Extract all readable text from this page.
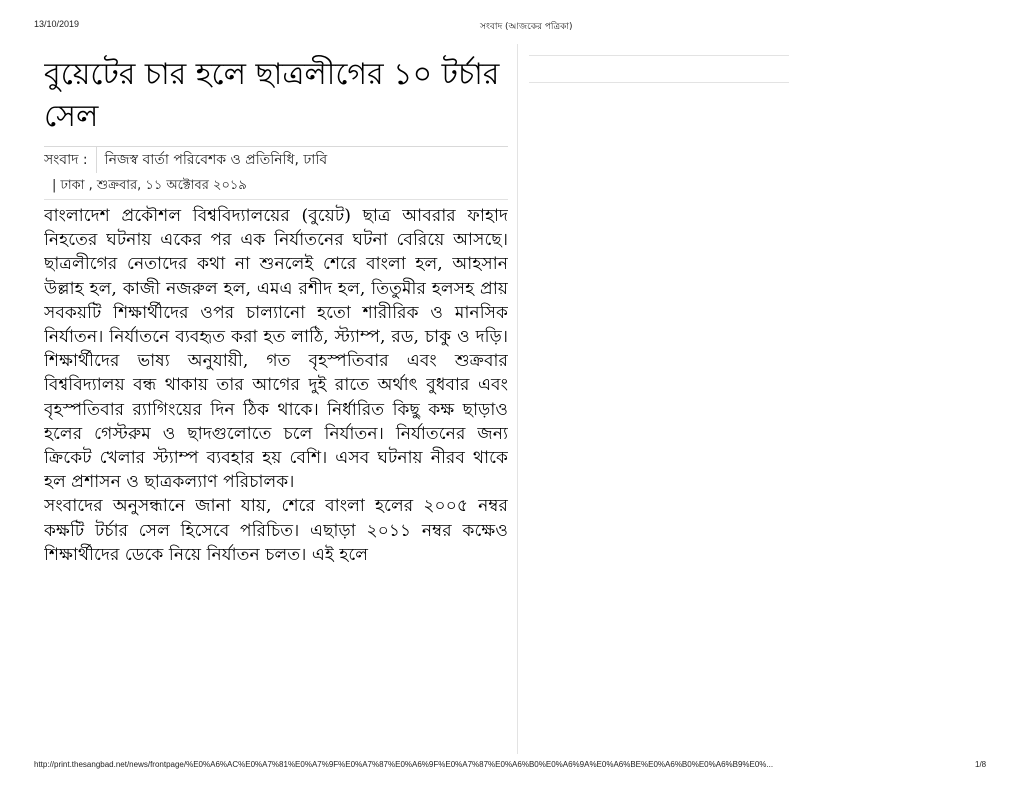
13/10/2019	সংবাদ (আজকের পত্রিকা)
বুয়েটের চার হলে ছাত্রলীগের ১০ টর্চার সেল
সংবাদ :	নিজস্ব বার্তা পরিবেশক ও প্রতিনিধি, ঢাবি
| ঢাকা , শুক্রবার, ১১ অক্টোবর ২০১৯

বাংলাদেশ প্রকৌশল বিশ্ববিদ্যালয়ের (বুয়েট) ছাত্র আবরার ফাহাদ নিহতের ঘটনায় একের পর এক নির্যাতনের ঘটনা বেরিয়ে আসছে। ছাত্রলীগের নেতাদের কথা না শুনলেই শেরে বাংলা হল, আহসান উল্লাহ হল, কাজী নজরুল হল, এমএ রশীদ হল, তিতুমীর হলসহ প্রায় সবকয়টি শিক্ষার্থীদের ওপর চাল্যানো হতো শারীরিক ও মানসিক নির্যাতন। নির্যাতনে ব্যবহৃত করা হত লাঠি, স্ট্যাম্প, রড, চাকু ও দড়ি। শিক্ষার্থীদের ভাষ্য অনুযায়ী, গত বৃহস্পতিবার এবং শুক্রবার বিশ্ববিদ্যালয় বন্ধ থাকায় তার আগের দুই রাতে অর্থাৎ বুধবার এবং বৃহস্পতিবার র‍্যাগিংয়ের দিন ঠিক থাকে। নির্ধারিত কিছু কক্ষ ছাড়াও হলের গেস্টরুম ও ছাদগুলোতে চলে নির্যাতন। নির্যাতনের জন্য ক্রিকেট খেলার স্ট্যাম্প ব্যবহার হয় বেশি। এসব ঘটনায় নীরব থাকে হল প্রশাসন ও ছাত্রকল্যাণ পরিচালক।

সংবাদের অনুসন্ধানে জানা যায়, শেরে বাংলা হলের ২০০৫ নম্বর কক্ষটি টর্চার সেল হিসেবে পরিচিত। এছাড়া ২০১১ নম্বর কক্ষেও শিক্ষার্থীদের ডেকে নিয়ে নির্যাতন চলত। এই হলে

http://print.thesangbad.net/news/frontpage/%E0%A6%AC%E0%A7%81%E0%A7%9F%E0%A7%87%E0%A6%9F%E0%A7%87%E0%A6%B0%E0%A6%9A%E0%A6%BE%E0%A6%B0%E0%A6%B9%E0%...	1/8
